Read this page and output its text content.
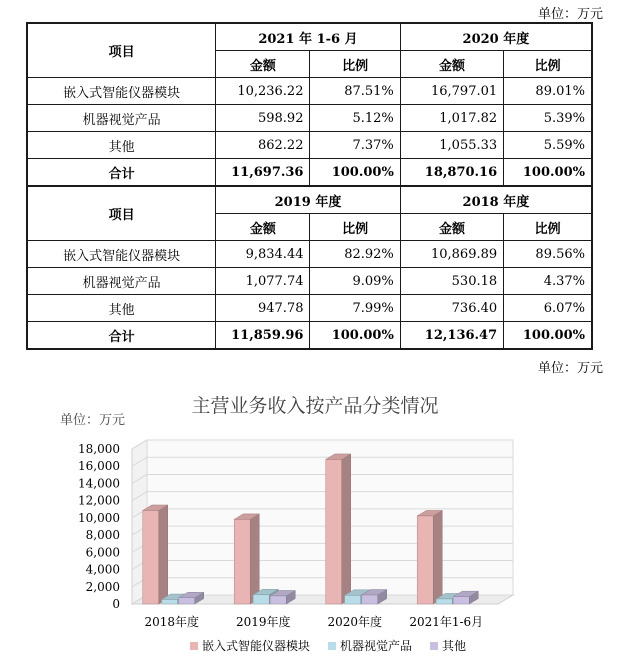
单位：万元
项目	2021 年 1-6 月		2020 年度	
	金额	比例	金额	比例
嵌入式智能仪器模块	10,236.22	87.51%	16,797.01	89.01%
机器视觉产品	598.92	5.12%	1,017.82	5.39%
其他	862.22	7.37%	1,055.33	5.59%
合计	11,697.36	100.00%	18,870.16	100.00%
项目	2019 年度		2018 年度	
	金额	比例	金额	比例
嵌入式智能仪器模块	9,834.44	82.92%	10,869.89	89.56%
机器视觉产品	1,077.74	9.09%	530.18	4.37%
其他	947.78	7.99%	736.40	6.07%
合计	11,859.96	100.00%	12,136.47	100.00%
单位：万元
主营业务收入按产品分类情况
单位：万元
0
2,000
4,000
6,000
8,000
10,000
12,000
14,000
16,000
18,000
2018年度	2019年度	2020年度 2021年1-6月
嵌入式智能仪器模块 机器视觉产品 其他
